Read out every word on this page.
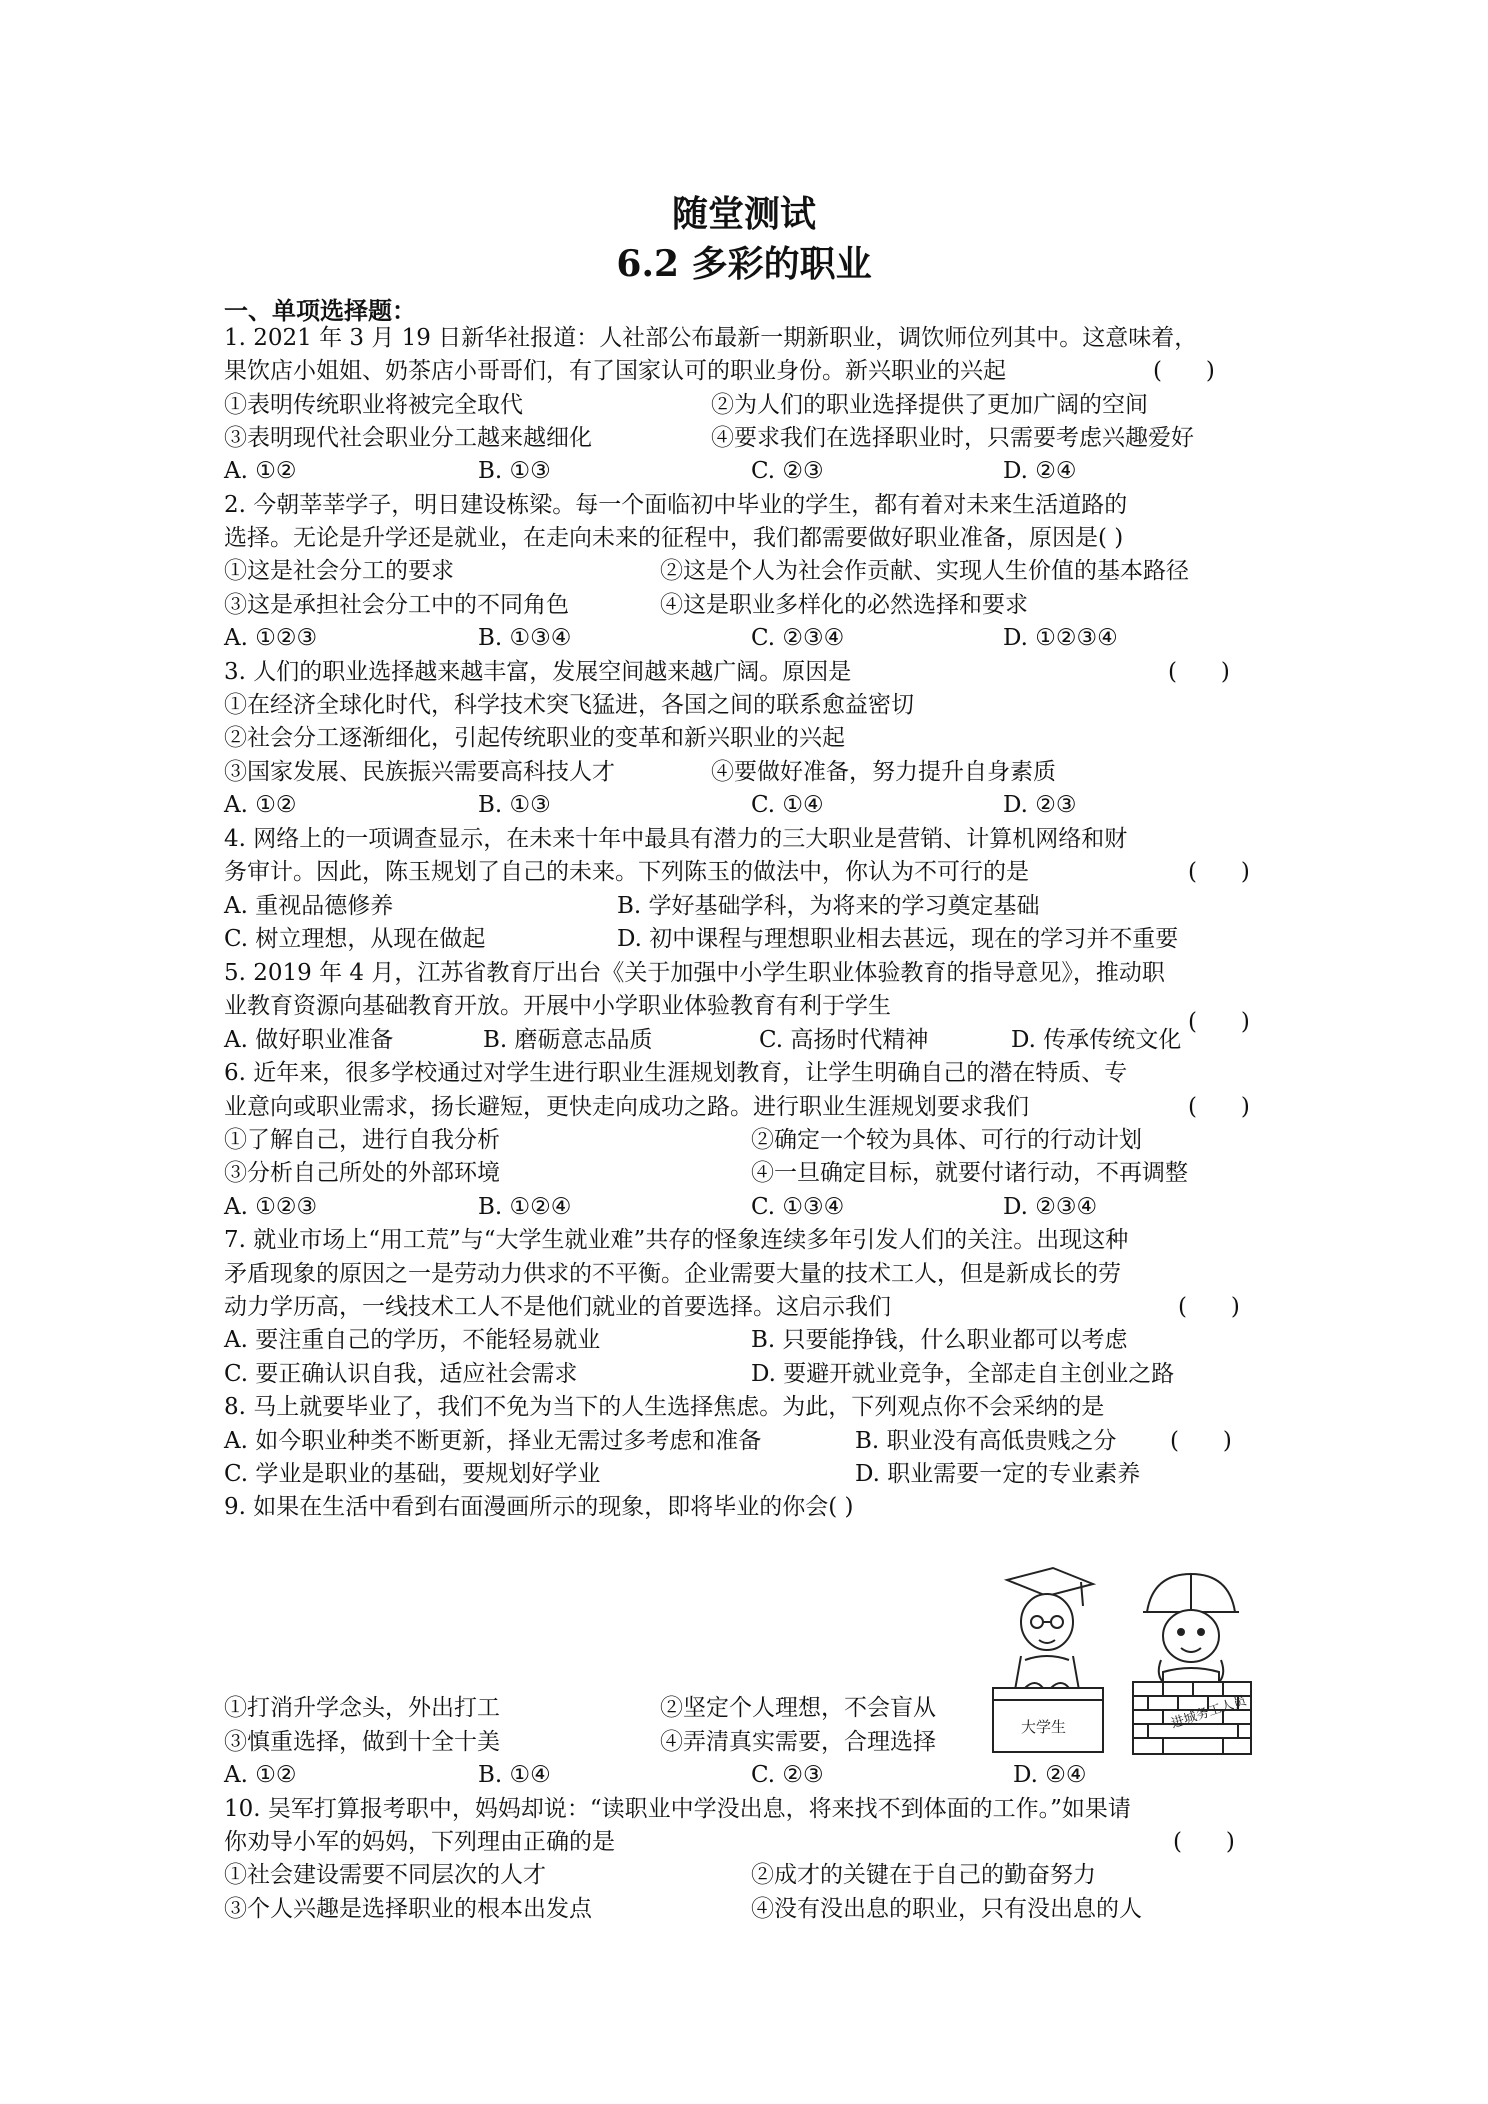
随堂测试
6.2 多彩的职业
一、单项选择题：
1. 2021 年 3 月 19 日新华社报道：人社部公布最新一期新职业，调饮师位列其中。这意味着，
果饮店小姐姐、奶茶店小哥哥们，有了国家认可的职业身份。新兴职业的兴起	(      )
①表明传统职业将被完全取代	②为人们的职业选择提供了更加广阔的空间
③表明现代社会职业分工越来越细化	④要求我们在选择职业时，只需要考虑兴趣爱好
A. ①②	B. ①③	C. ②③	D. ②④
2. 今朝莘莘学子，明日建设栋梁。每一个面临初中毕业的学生，都有着对未来生活道路的
选择。无论是升学还是就业，在走向未来的征程中，我们都需要做好职业准备，原因是( )
①这是社会分工的要求	②这是个人为社会作贡献、实现人生价值的基本路径
③这是承担社会分工中的不同角色	④这是职业多样化的必然选择和要求
A. ①②③	B. ①③④	C. ②③④	D. ①②③④
3. 人们的职业选择越来越丰富，发展空间越来越广阔。原因是	(      )
①在经济全球化时代，科学技术突飞猛进，各国之间的联系愈益密切
②社会分工逐渐细化，引起传统职业的变革和新兴职业的兴起
③国家发展、民族振兴需要高科技人才	④要做好准备，努力提升自身素质
A. ①②	B. ①③	C. ①④	D. ②③
4. 网络上的一项调查显示，在未来十年中最具有潜力的三大职业是营销、计算机网络和财
务审计。因此，陈玉规划了自己的未来。下列陈玉的做法中，你认为不可行的是	(      )
A. 重视品德修养	B. 学好基础学科，为将来的学习奠定基础
C. 树立理想，从现在做起	D. 初中课程与理想职业相去甚远，现在的学习并不重要
5. 2019 年 4 月，江苏省教育厅出台《关于加强中小学生职业体验教育的指导意见》，推动职
业教育资源向基础教育开放。开展中小学职业体验教育有利于学生
(      )
A. 做好职业准备	B. 磨砺意志品质	C. 高扬时代精神	D. 传承传统文化
6. 近年来，很多学校通过对学生进行职业生涯规划教育，让学生明确自己的潜在特质、专
业意向或职业需求，扬长避短，更快走向成功之路。进行职业生涯规划要求我们	(      )
①了解自己，进行自我分析	②确定一个较为具体、可行的行动计划
③分析自己所处的外部环境	④一旦确定目标，就要付诸行动，不再调整
A. ①②③	B. ①②④	C. ①③④	D. ②③④
7. 就业市场上“用工荒”与“大学生就业难”共存的怪象连续多年引发人们的关注。出现这种
矛盾现象的原因之一是劳动力供求的不平衡。企业需要大量的技术工人，但是新成长的劳
动力学历高，一线技术工人不是他们就业的首要选择。这启示我们	(      )
A. 要注重自己的学历，不能轻易就业	B. 只要能挣钱，什么职业都可以考虑
C. 要正确认识自我，适应社会需求	D. 要避开就业竞争，全部走自主创业之路
8. 马上就要毕业了，我们不免为当下的人生选择焦虑。为此，下列观点你不会采纳的是
A. 如今职业种类不断更新，择业无需过多考虑和准备	B. 职业没有高低贵贱之分 (      )
C. 学业是职业的基础，要规划好学业	D. 职业需要一定的专业素养
9. 如果在生活中看到右面漫画所示的现象，即将毕业的你会( )
大学生	进城务工人员
①打消升学念头，外出打工	②坚定个人理想，不会盲从
③慎重选择，做到十全十美	④弄清真实需要，合理选择
A. ①②	B. ①④	C. ②③	D. ②④
10. 吴军打算报考职中，妈妈却说：“读职业中学没出息，将来找不到体面的工作。”如果请
你劝导小军的妈妈，下列理由正确的是	(      )
①社会建设需要不同层次的人才	②成才的关键在于自己的勤奋努力
③个人兴趣是选择职业的根本出发点	④没有没出息的职业，只有没出息的人
